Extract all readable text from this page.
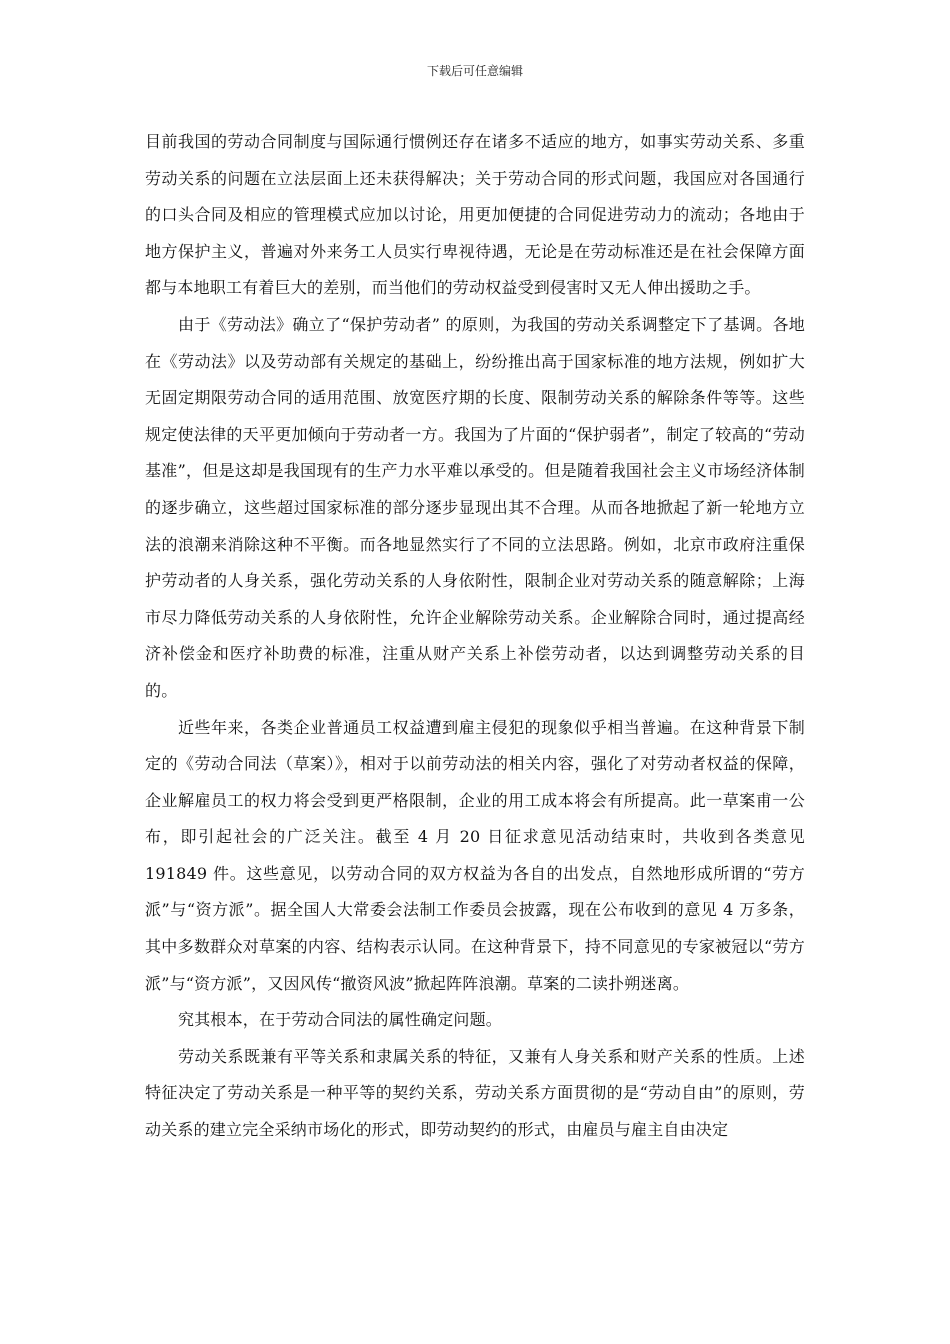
下载后可任意编辑

目前我国的劳动合同制度与国际通行惯例还存在诸多不适应的地方，如事实劳动关系、多重劳动关系的问题在立法层面上还未获得解决；关于劳动合同的形式问题，我国应对各国通行的口头合同及相应的管理模式应加以讨论，用更加便捷的合同促进劳动力的流动；各地由于地方保护主义，普遍对外来务工人员实行卑视待遇，无论是在劳动标准还是在社会保障方面都与本地职工有着巨大的差别，而当他们的劳动权益受到侵害时又无人伸出援助之手。

由于《劳动法》确立了“保护劳动者” 的原则，为我国的劳动关系调整定下了基调。各地在《劳动法》以及劳动部有关规定的基础上，纷纷推出高于国家标准的地方法规，例如扩大无固定期限劳动合同的适用范围、放宽医疗期的长度、限制劳动关系的解除条件等等。这些规定使法律的天平更加倾向于劳动者一方。我国为了片面的“保护弱者”，制定了较高的“劳动基准”，但是这却是我国现有的生产力水平难以承受的。但是随着我国社会主义市场经济体制的逐步确立，这些超过国家标准的部分逐步显现出其不合理。从而各地掀起了新一轮地方立法的浪潮来消除这种不平衡。而各地显然实行了不同的立法思路。例如，北京市政府注重保护劳动者的人身关系，强化劳动关系的人身依附性，限制企业对劳动关系的随意解除；上海市尽力降低劳动关系的人身依附性，允许企业解除劳动关系。企业解除合同时，通过提高经济补偿金和医疗补助费的标准，注重从财产关系上补偿劳动者，以达到调整劳动关系的目的。

近些年来，各类企业普通员工权益遭到雇主侵犯的现象似乎相当普遍。在这种背景下制定的《劳动合同法（草案）》，相对于以前劳动法的相关内容，强化了对劳动者权益的保障，企业解雇员工的权力将会受到更严格限制，企业的用工成本将会有所提高。此一草案甫一公布，即引起社会的广泛关注。截至 4 月 20 日征求意见活动结束时，共收到各类意见 191849 件。这些意见，以劳动合同的双方权益为各自的出发点，自然地形成所谓的“劳方派”与“资方派”。据全国人大常委会法制工作委员会披露，现在公布收到的意见 4 万多条，其中多数群众对草案的内容、结构表示认同。在这种背景下，持不同意见的专家被冠以“劳方派”与“资方派”，又因风传“撤资风波”掀起阵阵浪潮。草案的二读扑朔迷离。

究其根本，在于劳动合同法的属性确定问题。

劳动关系既兼有平等关系和隶属关系的特征，又兼有人身关系和财产关系的性质。上述特征决定了劳动关系是一种平等的契约关系，劳动关系方面贯彻的是“劳动自由”的原则，劳动关系的建立完全采纳市场化的形式，即劳动契约的形式，由雇员与雇主自由决定
